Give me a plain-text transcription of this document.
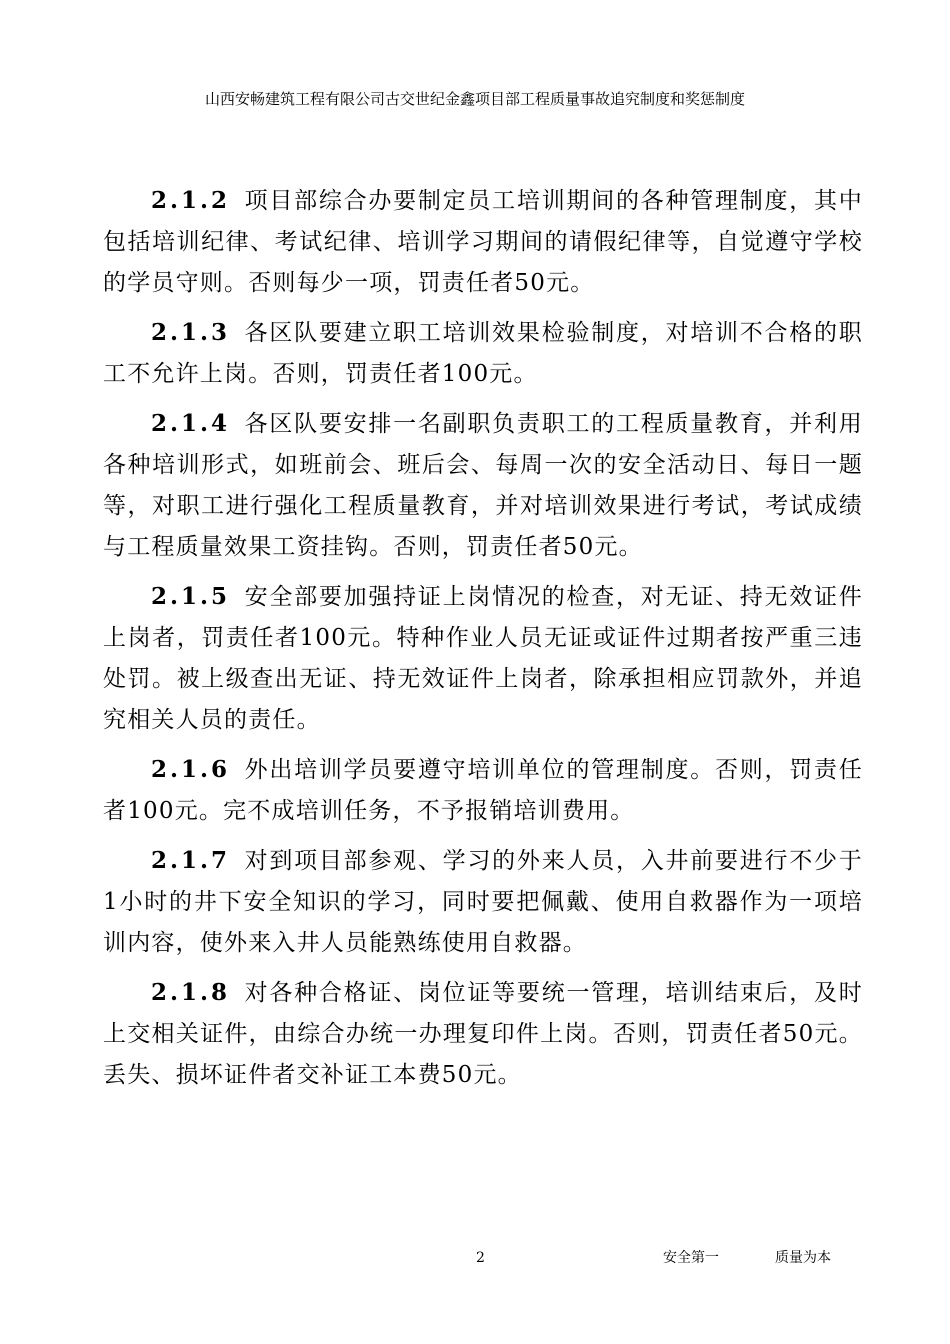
山西安畅建筑工程有限公司古交世纪金鑫项目部工程质量事故追究制度和奖惩制度

2.1.2 项目部综合办要制定员工培训期间的各种管理制度，其中包括培训纪律、考试纪律、培训学习期间的请假纪律等，自觉遵守学校的学员守则。否则每少一项，罚责任者50元。

2.1.3 各区队要建立职工培训效果检验制度，对培训不合格的职工不允许上岗。否则，罚责任者100元。

2.1.4 各区队要安排一名副职负责职工的工程质量教育，并利用各种培训形式，如班前会、班后会、每周一次的安全活动日、每日一题等，对职工进行强化工程质量教育，并对培训效果进行考试，考试成绩与工程质量效果工资挂钩。否则，罚责任者50元。

2.1.5 安全部要加强持证上岗情况的检查，对无证、持无效证件上岗者，罚责任者100元。特种作业人员无证或证件过期者按严重三违处罚。被上级查出无证、持无效证件上岗者，除承担相应罚款外，并追究相关人员的责任。

2.1.6 外出培训学员要遵守培训单位的管理制度。否则，罚责任者100元。完不成培训任务，不予报销培训费用。

2.1.7 对到项目部参观、学习的外来人员，入井前要进行不少于1小时的井下安全知识的学习，同时要把佩戴、使用自救器作为一项培训内容，使外来入井人员能熟练使用自救器。

2.1.8 对各种合格证、岗位证等要统一管理，培训结束后，及时上交相关证件，由综合办统一办理复印件上岗。否则，罚责任者50元。丢失、损坏证件者交补证工本费50元。

2	安全第一	质量为本
